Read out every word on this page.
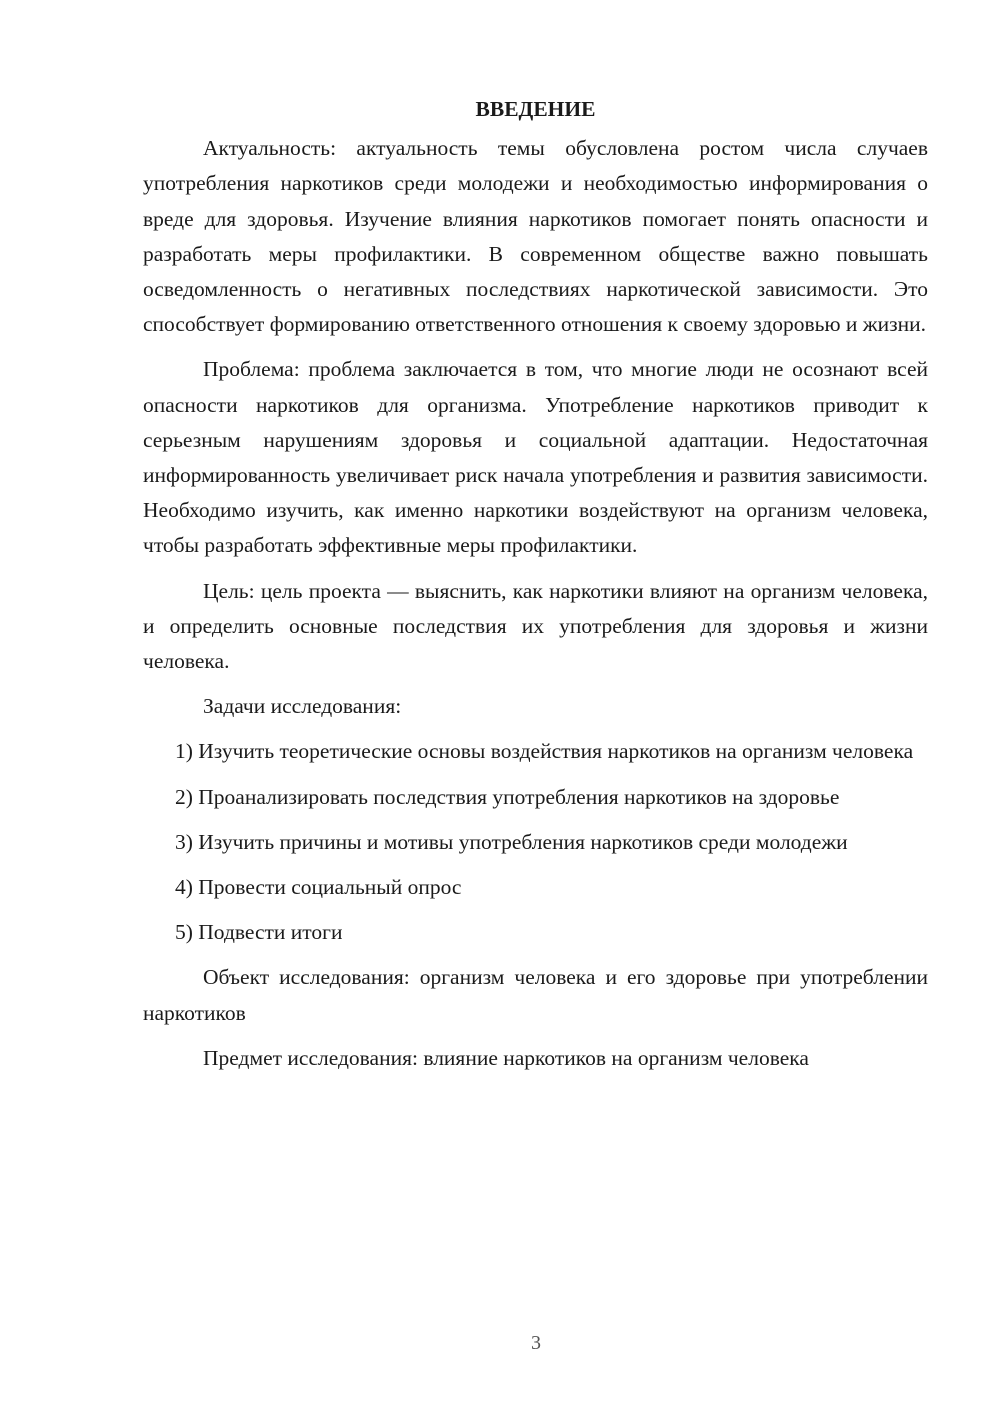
ВВЕДЕНИЕ

Актуальность: актуальность темы обусловлена ростом числа случаев употребления наркотиков среди молодежи и необходимостью информирования о вреде для здоровья. Изучение влияния наркотиков помогает понять опасности и разработать меры профилактики. В современном обществе важно повышать осведомленность о негативных последствиях наркотической зависимости. Это способствует формированию ответственного отношения к своему здоровью и жизни.

Проблема: проблема заключается в том, что многие люди не осознают всей опасности наркотиков для организма. Употребление наркотиков приводит к серьезным нарушениям здоровья и социальной адаптации. Недостаточная информированность увеличивает риск начала употребления и развития зависимости. Необходимо изучить, как именно наркотики воздействуют на организм человека, чтобы разработать эффективные меры профилактики.

Цель: цель проекта — выяснить, как наркотики влияют на организм человека, и определить основные последствия их употребления для здоровья и жизни человека.

Задачи исследования:

1) Изучить теоретические основы воздействия наркотиков на организм человека

2) Проанализировать последствия употребления наркотиков на здоровье

3) Изучить причины и мотивы употребления наркотиков среди молодежи

4) Провести социальный опрос

5) Подвести итоги

Объект исследования: организм человека и его здоровье при употреблении наркотиков

Предмет исследования: влияние наркотиков на организм человека

3
